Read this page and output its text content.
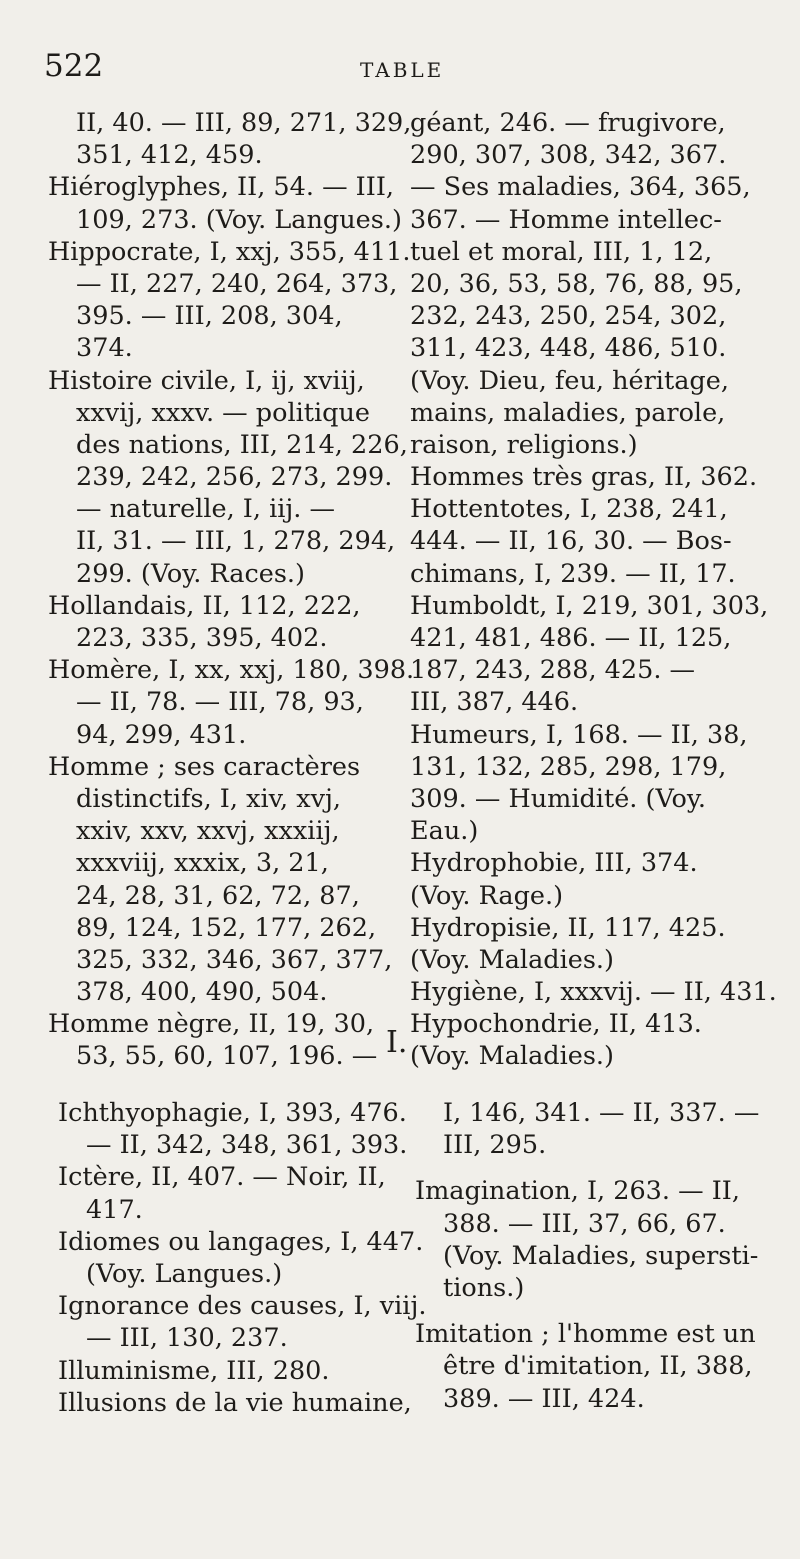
522	TABLE
II, 40. — III, 89, 271, 329,
351, 412, 459.
Hiéroglyphes, II, 54. — III,
109, 273. (Voy. Langues.)
Hippocrate, I, xxj, 355, 411.
— II, 227, 240, 264, 373,
395. — III, 208, 304,
374.
Histoire civile, I, ij, xviij,
xxvij, xxxv. — politique
des nations, III, 214, 226,
239, 242, 256, 273, 299.
— naturelle, I, iij. —
II, 31. — III, 1, 278, 294,
299. (Voy. Races.)
Hollandais, II, 112, 222,
223, 335, 395, 402.
Homère, I, xx, xxj, 180, 398.
— II, 78. — III, 78, 93,
94, 299, 431.
Homme ; ses caractères
distinctifs, I, xiv, xvj,
xxiv, xxv, xxvj, xxxiij,
xxxviij, xxxix, 3, 21,
24, 28, 31, 62, 72, 87,
89, 124, 152, 177, 262,
325, 332, 346, 367, 377,
378, 400, 490, 504.
Homme nègre, II, 19, 30,
53, 55, 60, 107, 196. —
géant, 246. — frugivore,
290, 307, 308, 342, 367.
— Ses maladies, 364, 365,
367. — Homme intellec-
tuel et moral, III, 1, 12,
20, 36, 53, 58, 76, 88, 95,
232, 243, 250, 254, 302,
311, 423, 448, 486, 510.
(Voy. Dieu, feu, héritage,
mains, maladies, parole,
raison, religions.)
Hommes très gras, II, 362.
Hottentotes, I, 238, 241,
444. — II, 16, 30. — Bos-
chimans, I, 239. — II, 17.
Humboldt, I, 219, 301, 303,
421, 481, 486. — II, 125,
187, 243, 288, 425. —
III, 387, 446.
Humeurs, I, 168. — II, 38,
131, 132, 285, 298, 179,
309. — Humidité. (Voy.
Eau.)
Hydrophobie, III, 374.
(Voy. Rage.)
Hydropisie, II, 117, 425.
(Voy. Maladies.)
Hygiène, I, xxxvij. — II, 431.
Hypochondrie, II, 413.
(Voy. Maladies.)
I.
Ichthyophagie, I, 393, 476.
— II, 342, 348, 361, 393.
Ictère, II, 407. — Noir, II,
417.
Idiomes ou langages, I, 447.
(Voy. Langues.)
Ignorance des causes, I, viij.
— III, 130, 237.
Illuminisme, III, 280.
Illusions de la vie humaine,
I, 146, 341. — II, 337. —
III, 295.
Imagination, I, 263. — II,
388. — III, 37, 66, 67.
(Voy. Maladies, supersti-
tions.)
Imitation ; l'homme est un
être d'imitation, II, 388,
389. — III, 424.
